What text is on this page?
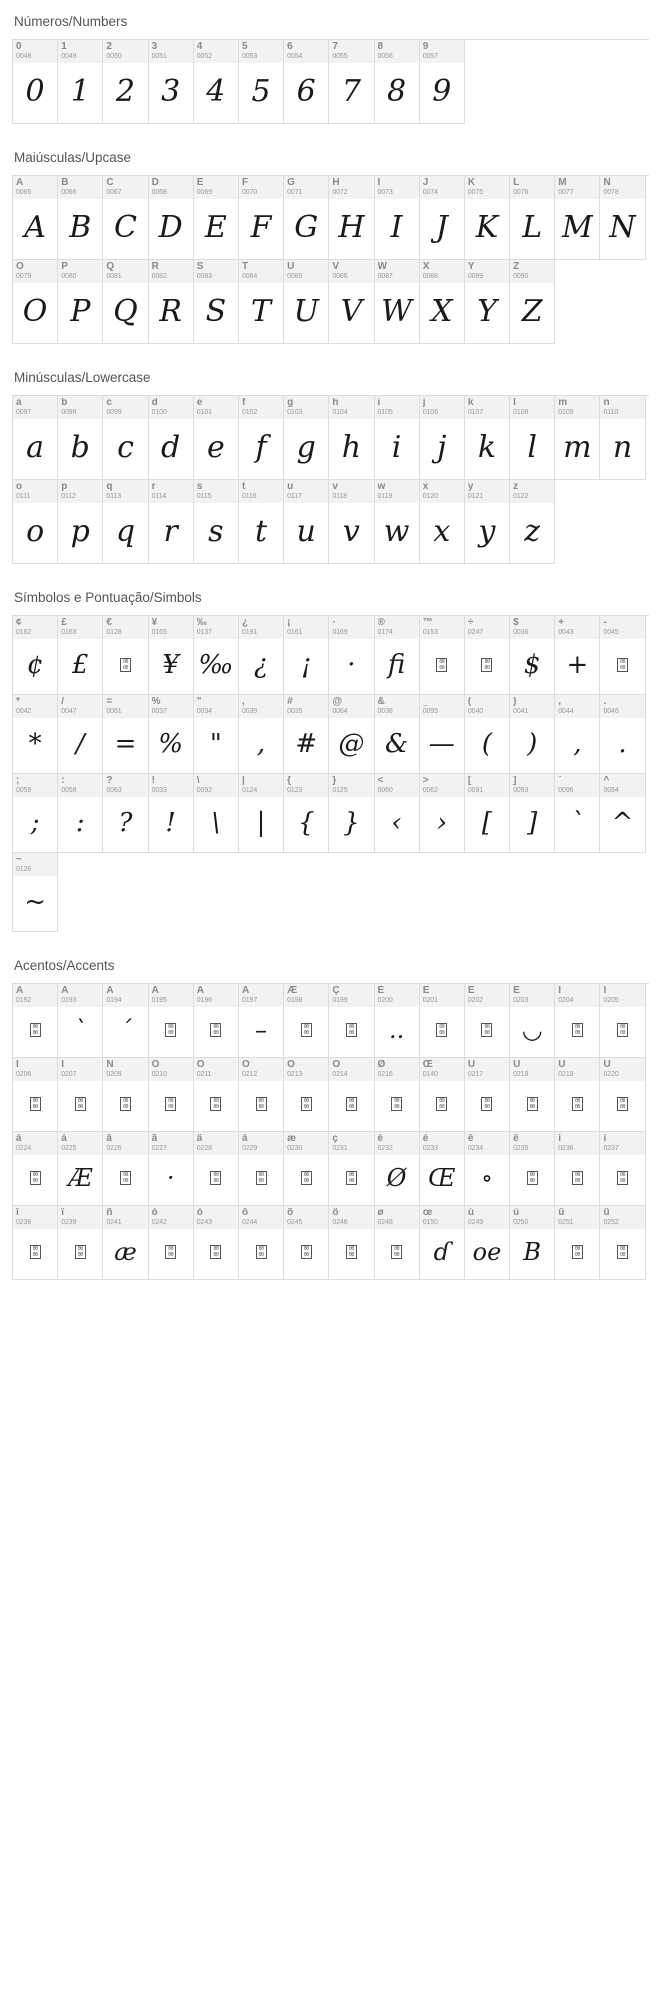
Números/Numbers
0
0048
0
1
0049
1
2
0050
2
3
0051
3
4
0052
4
5
0053
5
6
0054
6
7
0055
7
8
0056
8
9
0057
9
Maiúsculas/Upcase
A
0065
A
B
0066
B
C
0067
C
D
0068
D
E
0069
E
F
0070
F
G
0071
G
H
0072
H
I
0073
I
J
0074
J
K
0075
K
L
0076
L
M
0077
M
N
0078
N
O
0079
O
P
0080
P
Q
0081
Q
R
0082
R
S
0083
S
T
0084
T
U
0085
U
V
0086
V
W
0087
W
X
0088
X
Y
0089
Y
Z
0090
Z
Minúsculas/Lowercase
a
0097
a
b
0098
b
c
0099
c
d
0100
d
e
0101
e
f
0102
f
g
0103
g
h
0104
h
i
0105
i
j
0106
j
k
0107
k
l
0108
l
m
0109
m
n
0110
n
o
0111
o
p
0112
p
q
0113
q
r
0114
r
s
0115
s
t
0116
t
u
0117
u
v
0118
v
w
0119
w
x
0120
x
y
0121
y
z
0122
z
Símbolos e Pontuação/Simbols
¢
0162
¢
£
0163
£
€
0128
00
00
¥
0165
¥
‰
0137
‰
¿
0191
¿
¡
0161
¡
·
0169
·
®
0174
fi
™
0153
00
00
÷
0247
00
00
$
0036
$
+
0043
+
-
0045
00
00
*
0042
*
/
0047
/
=
0061
=
%
0037
%
"
0034
"
,
0039
,
#
0035
#
@
0064
@
&
0038
&
_
0095
—
(
0040
(
)
0041
)
,
0044
,
.
0046
.
;
0059
;
:
0058
:
?
0063
?
!
0033
!
\
0092
\
|
0124
|
{
0123
{
}
0125
}
<
0060
‹
>
0062
›
[
0091
[
]
0093
]
`
0096
`
^
0094
^
~
0126
~
Acentos/Accents
À
0192
00
00
Á
0193
`
Â
0194
´
Ã
0195
00
00
Ä
0196
00
00
Å
0197
–
Æ
0198
00
00
Ç
0199
00
00
È
0200
..
É
0201
00
00
Ê
0202
00
00
Ë
0203
◡
Ì
0204
00
00
Í
0205
00
00
Î
0206
00
00
Ï
0207
00
00
Ñ
0209
00
00
Ò
0210
00
00
Ó
0211
00
00
Ô
0212
00
00
Õ
0213
00
00
Ö
0214
00
00
Ø
0216
00
00
Œ
0140
00
00
Ù
0217
00
00
Ú
0218
00
00
Û
0219
00
00
Ü
0220
00
00
à
0224
00
00
á
0225
Æ
â
0226
00
00
ã
0227
·
ä
0228
00
00
å
0229
00
00
æ
0230
00
00
ç
0231
00
00
è
0232
Ø
é
0233
Œ
ê
0234
∘
ë
0235
00
00
ì
0236
00
00
í
0237
00
00
î
0238
00
00
ï
0239
00
00
ñ
0241
æ
ò
0242
00
00
ó
0243
00
00
ô
0244
00
00
õ
0245
00
00
ö
0246
00
00
ø
0248
00
00
œ
0150
ɗ
ù
0249
oe
ú
0250
B
û
0251
00
00
ü
0252
00
00
